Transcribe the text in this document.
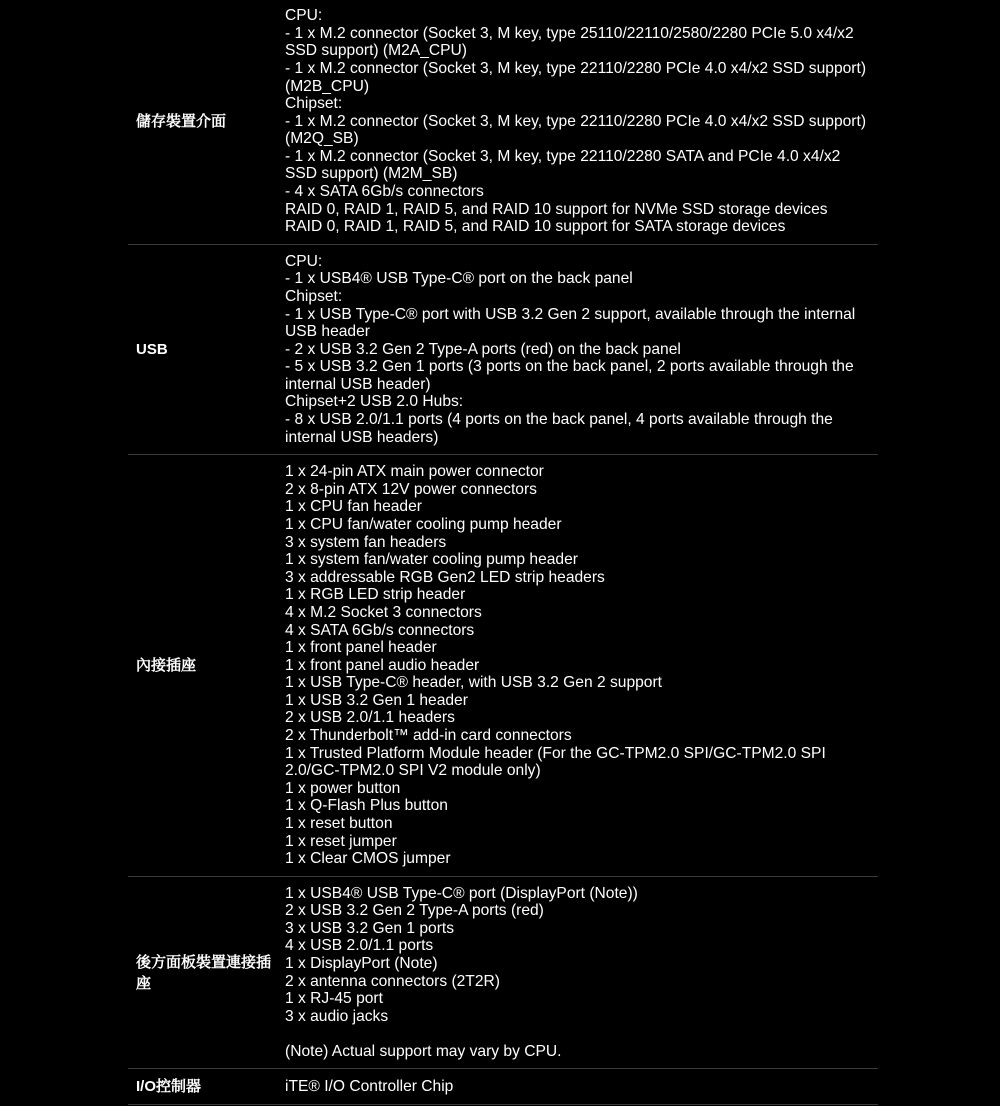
儲存裝置介面
CPU:
- 1 x M.2 connector (Socket 3, M key, type 25110/22110/2580/2280 PCIe 5.0 x4/x2
SSD support) (M2A_CPU)
- 1 x M.2 connector (Socket 3, M key, type 22110/2280 PCIe 4.0 x4/x2 SSD support)
(M2B_CPU)
Chipset:
- 1 x M.2 connector (Socket 3, M key, type 22110/2280 PCIe 4.0 x4/x2 SSD support)
(M2Q_SB)
- 1 x M.2 connector (Socket 3, M key, type 22110/2280 SATA and PCIe 4.0 x4/x2
SSD support) (M2M_SB)
- 4 x SATA 6Gb/s connectors
RAID 0, RAID 1, RAID 5, and RAID 10 support for NVMe SSD storage devices
RAID 0, RAID 1, RAID 5, and RAID 10 support for SATA storage devices
USB
CPU:
- 1 x USB4® USB Type-C® port on the back panel
Chipset:
- 1 x USB Type-C® port with USB 3.2 Gen 2 support, available through the internal
USB header
- 2 x USB 3.2 Gen 2 Type-A ports (red) on the back panel
- 5 x USB 3.2 Gen 1 ports (3 ports on the back panel, 2 ports available through the
internal USB header)
Chipset+2 USB 2.0 Hubs:
- 8 x USB 2.0/1.1 ports (4 ports on the back panel, 4 ports available through the
internal USB headers)
內接插座
1 x 24-pin ATX main power connector
2 x 8-pin ATX 12V power connectors
1 x CPU fan header
1 x CPU fan/water cooling pump header
3 x system fan headers
1 x system fan/water cooling pump header
3 x addressable RGB Gen2 LED strip headers
1 x RGB LED strip header
4 x M.2 Socket 3 connectors
4 x SATA 6Gb/s connectors
1 x front panel header
1 x front panel audio header
1 x USB Type-C® header, with USB 3.2 Gen 2 support
1 x USB 3.2 Gen 1 header
2 x USB 2.0/1.1 headers
2 x Thunderbolt™ add-in card connectors
1 x Trusted Platform Module header (For the GC-TPM2.0 SPI/GC-TPM2.0 SPI
2.0/GC-TPM2.0 SPI V2 module only)
1 x power button
1 x Q-Flash Plus button
1 x reset button
1 x reset jumper
1 x Clear CMOS jumper
後方面板裝置連接插座
1 x USB4® USB Type-C® port (DisplayPort (Note))
2 x USB 3.2 Gen 2 Type-A ports (red)
3 x USB 3.2 Gen 1 ports
4 x USB 2.0/1.1 ports
1 x DisplayPort (Note)
2 x antenna connectors (2T2R)
1 x RJ-45 port
3 x audio jacks
(Note) Actual support may vary by CPU.
I/O控制器	iTE® I/O Controller Chip
